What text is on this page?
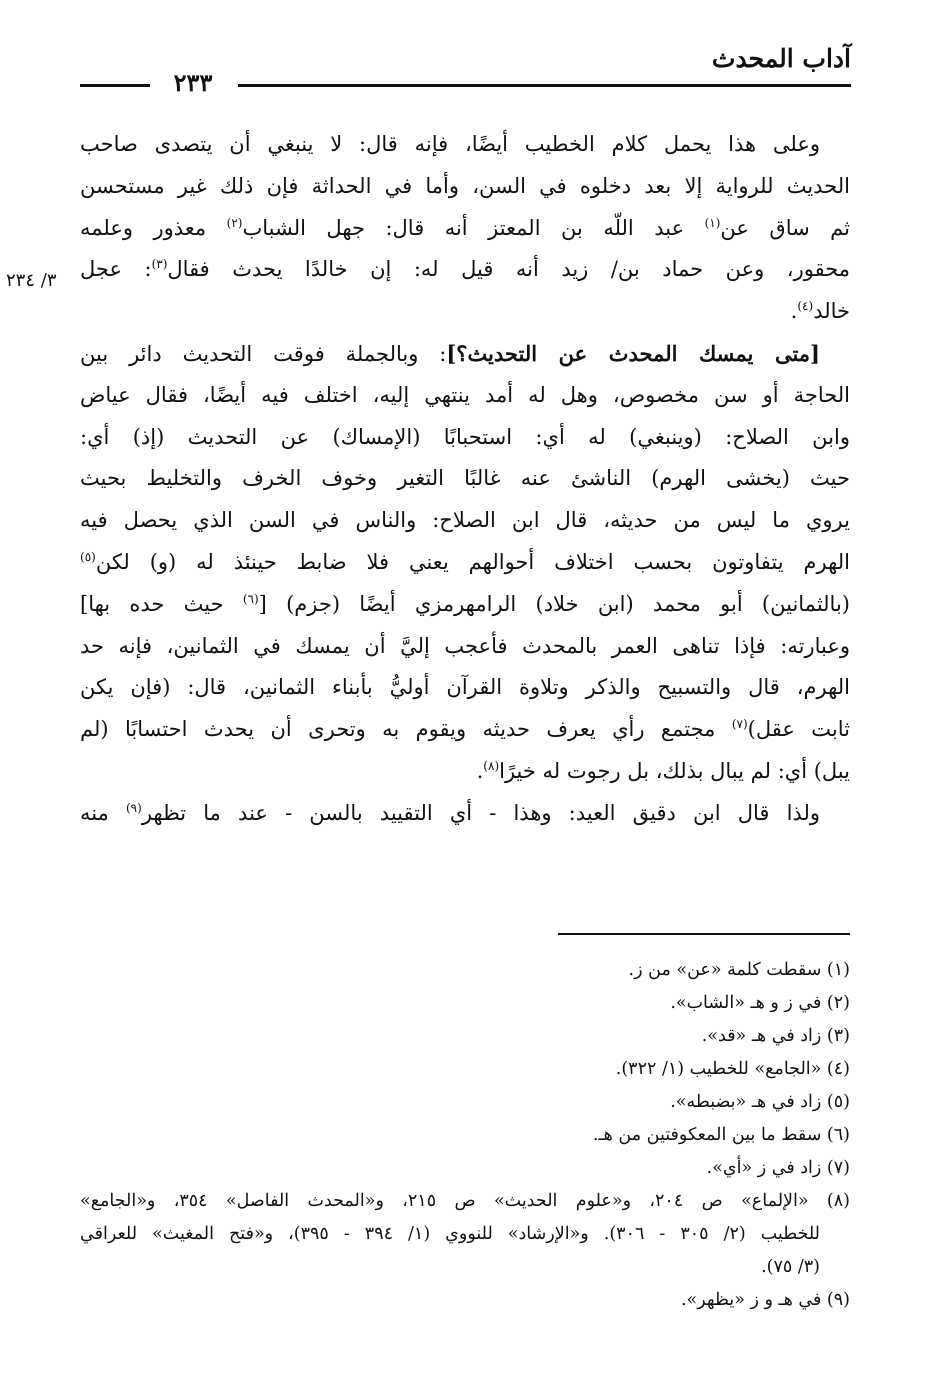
آداب المحدث
٢٣٣
٣/ ٢٣٤
وعلى هذا يحمل كلام الخطيب أيضًا، فإنه قال: لا ينبغي أن يتصدى صاحب
الحديث للرواية إلا بعد دخلوه في السن، وأما في الحداثة فإن ذلك غير مستحسن
ثم ساق عن$^{(١)}$ عبد اللّه بن المعتز أنه قال: جهل الشباب$^{(٢)}$ معذور وعلمه
محقور، وعن حماد بن/ زيد أنه قيل له: إن خالدًا يحدث فقال$^{(٣)}$: عجل
خالد$^{(٤)}$.
[متى يمسك المحدث عن التحديث؟]: وبالجملة فوقت التحديث دائر بين
الحاجة أو سن مخصوص، وهل له أمد ينتهي إليه، اختلف فيه أيضًا، فقال عياض
وابن الصلاح: (وينبغي) له أي: استحبابًا (الإمساك) عن التحديث (إذ) أي:
حيث (يخشى الهرم) الناشئ عنه غالبًا التغير وخوف الخرف والتخليط بحيث
يروي ما ليس من حديثه، قال ابن الصلاح: والناس في السن الذي يحصل فيه
الهرم يتفاوتون بحسب اختلاف أحوالهم يعني فلا ضابط حينئذ له (و) لكن$^{(٥)}$
(بالثمانين) أبو محمد (ابن خلاد) الرامهرمزي أيضًا (جزم) [$^{(٦)}$ حيث حده بها]
وعبارته: فإذا تناهى العمر بالمحدث فأعجب إليَّ أن يمسك في الثمانين، فإنه حد
الهرم، قال والتسبيح والذكر وتلاوة القرآن أوليُّ بأبناء الثمانين، قال: (فإن يكن
ثابت عقل)$^{(٧)}$ مجتمع رأي يعرف حديثه ويقوم به وتحرى أن يحدث احتسابًا (لم
يبل) أي: لم يبال بذلك، بل رجوت له خيرًا$^{(٨)}$.
ولذا قال ابن دقيق العيد: وهذا - أي التقييد بالسن - عند ما تظهر$^{(٩)}$ منه
(١) سقطت كلمة «عن» من ز.
(٢) في ز و هـ «الشاب».
(٣) زاد في هـ «قد».
(٤) «الجامع» للخطيب (١/ ٣٢٢).
(٥) زاد في هـ «بضبطه».
(٦) سقط ما بين المعكوفتين من هـ.
(٧) زاد في ز «أي».
(٨) «الإلماع» ص ٢٠٤، و«علوم الحديث» ص ٢١٥، و«المحدث الفاصل» ٣٥٤، و«الجامع»
للخطيب (٢/ ٣٠٥ - ٣٠٦). و«الإرشاد» للنووي (١/ ٣٩٤ - ٣٩٥)، و«فتح المغيث» للعراقي
(٣/ ٧٥).
(٩) في هـ و ز «يظهر».
